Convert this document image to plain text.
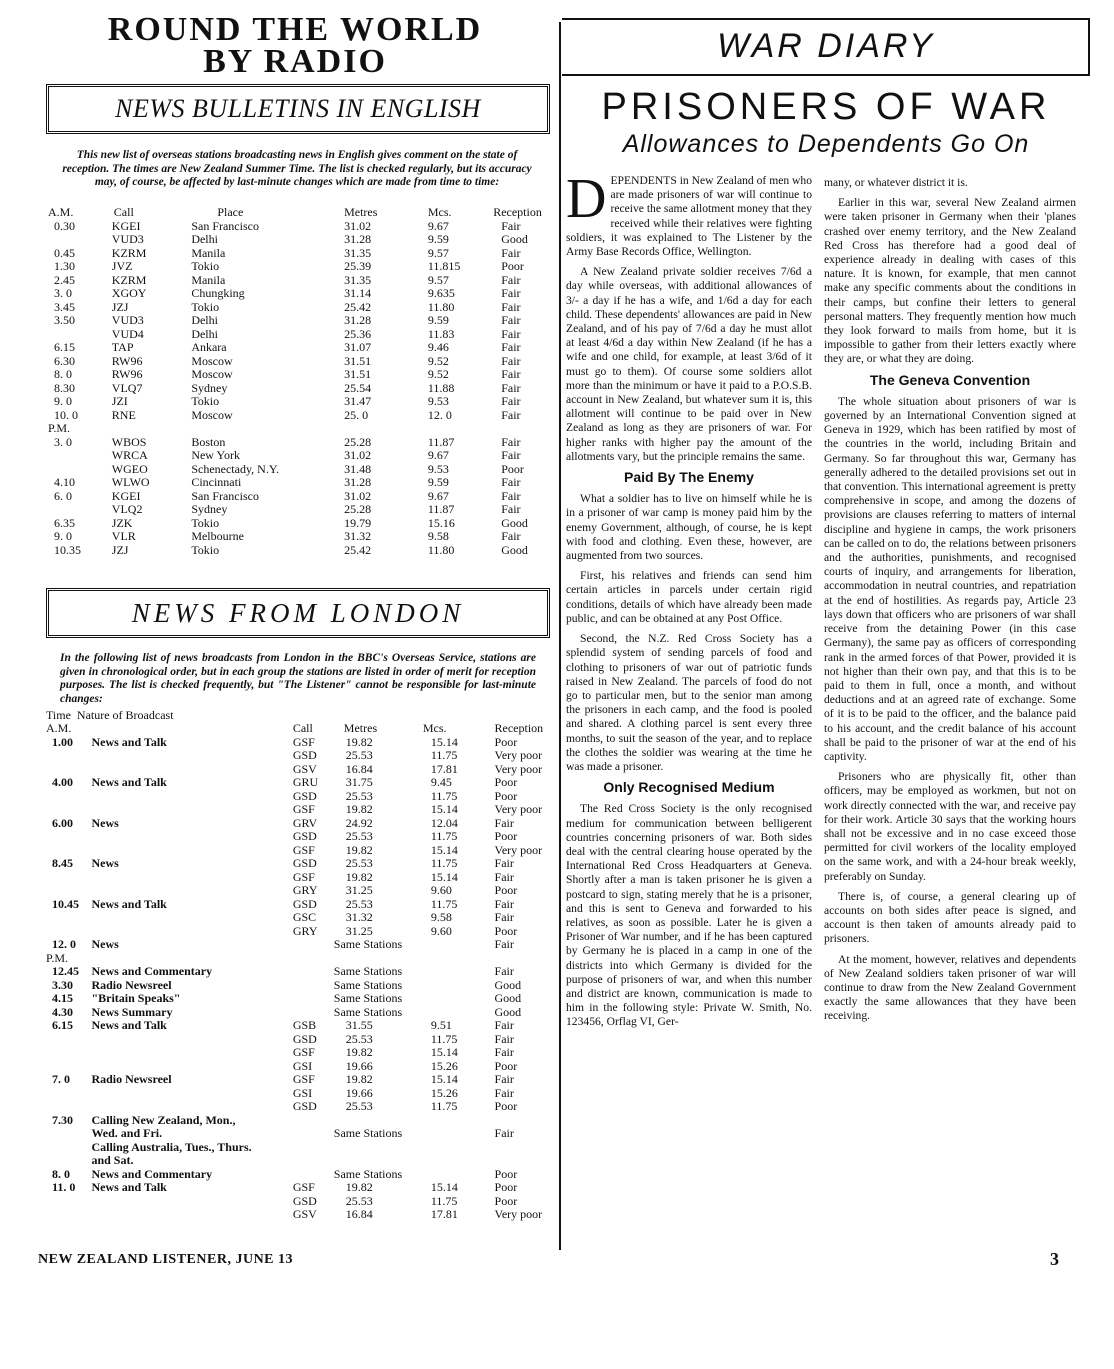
ROUND THE WORLD
BY RADIO
NEWS BULLETINS IN ENGLISH
This new list of overseas stations broadcasting news in English gives comment on the state of reception. The times are New Zealand Summer Time. The list is checked regularly, but its accuracy may, of course, be affected by last-minute changes which are made from time to time:
A.M.	Call	Place	Metres	Mcs.	Reception
0.30	KGEI	San Francisco	31.02	9.67	Fair
	VUD3	Delhi	31.28	9.59	Good
0.45	KZRM	Manila	31.35	9.57	Fair
1.30	JVZ	Tokio	25.39	11.815	Poor
2.45	KZRM	Manila	31.35	9.57	Fair
3. 0	XGOY	Chungking	31.14	9.635	Fair
3.45	JZJ	Tokio	25.42	11.80	Fair
3.50	VUD3	Delhi	31.28	9.59	Fair
	VUD4	Delhi	25.36	11.83	Fair
6.15	TAP	Ankara	31.07	9.46	Fair
6.30	RW96	Moscow	31.51	9.52	Fair
8. 0	RW96	Moscow	31.51	9.52	Fair
8.30	VLQ7	Sydney	25.54	11.88	Fair
9. 0	JZI	Tokio	31.47	9.53	Fair
10. 0	RNE	Moscow	25. 0	12. 0	Fair
P.M.					
3. 0	WBOS	Boston	25.28	11.87	Fair
	WRCA	New York	31.02	9.67	Fair
	WGEO	Schenectady, N.Y.	31.48	9.53	Poor
4.10	WLWO	Cincinnati	31.28	9.59	Fair
6. 0	KGEI	San Francisco	31.02	9.67	Fair
	VLQ2	Sydney	25.28	11.87	Fair
6.35	JZK	Tokio	19.79	15.16	Good
9. 0	VLR	Melbourne	31.32	9.58	Fair
10.35	JZJ	Tokio	25.42	11.80	Good
NEWS FROM LONDON
In the following list of news broadcasts from London in the BBC's Overseas Service, stations are given in chronological order, but in each group the stations are listed in order of merit for reception purposes. The list is checked frequently, but "The Listener" cannot be responsible for last-minute changes:
Time  Nature of Broadcast
A.M.		Call	Metres	Mcs.	Reception
1.00	News and Talk	GSF	19.82	15.14	Poor
		GSD	25.53	11.75	Very poor
		GSV	16.84	17.81	Very poor
4.00	News and Talk	GRU	31.75	9.45	Poor
		GSD	25.53	11.75	Poor
		GSF	19.82	15.14	Very poor
6.00	News	GRV	24.92	12.04	Fair
		GSD	25.53	11.75	Poor
		GSF	19.82	15.14	Very poor
8.45	News	GSD	25.53	11.75	Fair
		GSF	19.82	15.14	Fair
		GRY	31.25	9.60	Poor
10.45	News and Talk	GSD	25.53	11.75	Fair
		GSC	31.32	9.58	Fair
		GRY	31.25	9.60	Poor
12. 0	News		Same Stations		Fair
P.M.					
12.45	News and Commentary		Same Stations		Fair
3.30	Radio Newsreel		Same Stations		Good
4.15	"Britain Speaks"		Same Stations		Good
4.30	News Summary		Same Stations		Good
6.15	News and Talk	GSB	31.55	9.51	Fair
		GSD	25.53	11.75	Fair
		GSF	19.82	15.14	Fair
		GSI	19.66	15.26	Poor
7. 0	Radio Newsreel	GSF	19.82	15.14	Fair
		GSI	19.66	15.26	Fair
		GSD	25.53	11.75	Poor
7.30	Calling New Zealand, Mon.,				
	Wed. and Fri.		Same Stations		Fair
	Calling Australia, Tues., Thurs.				
	and Sat.				
8. 0	News and Commentary		Same Stations		Poor
11. 0	News and Talk	GSF	19.82	15.14	Poor
		GSD	25.53	11.75	Poor
		GSV	16.84	17.81	Very poor
WAR DIARY
PRISONERS OF WAR
Allowances to Dependents Go On

DEPENDENTS in New Zealand of men who are made prisoners of war will continue to receive the same allotment money that they received while their relatives were fighting soldiers, it was explained to The Listener by the Army Base Records Office, Wellington.

A New Zealand private soldier receives 7/6d a day while overseas, with additional allowances of 3/- a day if he has a wife, and 1/6d a day for each child. These dependents' allowances are paid in New Zealand, and of his pay of 7/6d a day he must allot at least 4/6d a day within New Zealand (if he has a wife and one child, for example, at least 3/6d of it must go to them). Of course some soldiers allot more than the minimum or have it paid to a P.O.S.B. account in New Zealand, but whatever sum it is, this allotment will continue to be paid over in New Zealand as long as they are prisoners of war. For higher ranks with higher pay the amount of the allotments vary, but the principle remains the same.

Paid By The Enemy

What a soldier has to live on himself while he is in a prisoner of war camp is money paid him by the enemy Government, although, of course, he is kept with food and clothing. Even these, however, are augmented from two sources.

First, his relatives and friends can send him certain articles in parcels under certain rigid conditions, details of which have already been made public, and can be obtained at any Post Office.

Second, the N.Z. Red Cross Society has a splendid system of sending parcels of food and clothing to prisoners of war out of patriotic funds raised in New Zealand. The parcels of food do not go to particular men, but to the senior man among the prisoners in each camp, and the food is pooled and shared. A clothing parcel is sent every three months, to suit the season of the year, and to replace the clothes the soldier was wearing at the time he was made a prisoner.

Only Recognised Medium

The Red Cross Society is the only recognised medium for communication between belligerent countries concerning prisoners of war. Both sides deal with the central clearing house operated by the International Red Cross Headquarters at Geneva. Shortly after a man is taken prisoner he is given a postcard to sign, stating merely that he is a prisoner, and this is sent to Geneva and forwarded to his relatives, as soon as possible. Later he is given a Prisoner of War number, and if he has been captured by Germany he is placed in a camp in one of the districts into which Germany is divided for the purpose of prisoners of war, and when this number and district are known, communication is made to him in the following style: Private W. Smith, No. 123456, Orflag VI, Ger-

many, or whatever district it is.

Earlier in this war, several New Zealand airmen were taken prisoner in Germany when their 'planes crashed over enemy territory, and the New Zealand Red Cross has therefore had a good deal of experience already in dealing with cases of this nature. It is known, for example, that men cannot make any specific comments about the conditions in their camps, but confine their letters to general personal matters. They frequently mention how much they look forward to mails from home, but it is impossible to gather from their letters exactly where they are, or what they are doing.

The Geneva Convention

The whole situation about prisoners of war is governed by an International Convention signed at Geneva in 1929, which has been ratified by most of the countries in the world, including Britain and Germany. So far throughout this war, Germany has generally adhered to the detailed provisions set out in that convention. This international agreement is pretty comprehensive in scope, and among the dozens of provisions are clauses referring to matters of internal discipline and hygiene in camps, the work prisoners can be called on to do, the relations between prisoners and the authorities, punishments, and recognised courts of inquiry, and arrangements for liberation, accommodation in neutral countries, and repatriation at the end of hostilities. As regards pay, Article 23 lays down that officers who are prisoners of war shall receive from the detaining Power (in this case Germany), the same pay as officers of corresponding rank in the armed forces of that Power, provided it is not higher than their own pay, and that this is to be paid to them in full, once a month, and without deductions and at an agreed rate of exchange. Some of it is to be paid to the officer, and the balance paid to his account, and the credit balance of his account shall be paid to the prisoner of war at the end of his captivity.

Prisoners who are physically fit, other than officers, may be employed as workmen, but not on work directly connected with the war, and receive pay for their work. Article 30 says that the working hours shall not be excessive and in no case exceed those permitted for civil workers of the locality employed on the same work, and with a 24-hour break weekly, preferably on Sunday.

There is, of course, a general clearing up of accounts on both sides after peace is signed, and account is then taken of amounts already paid to prisoners.

At the moment, however, relatives and dependents of New Zealand soldiers taken prisoner of war will continue to draw from the New Zealand Government exactly the same allowances that they have been receiving.

NEW ZEALAND LISTENER, JUNE 13	3
